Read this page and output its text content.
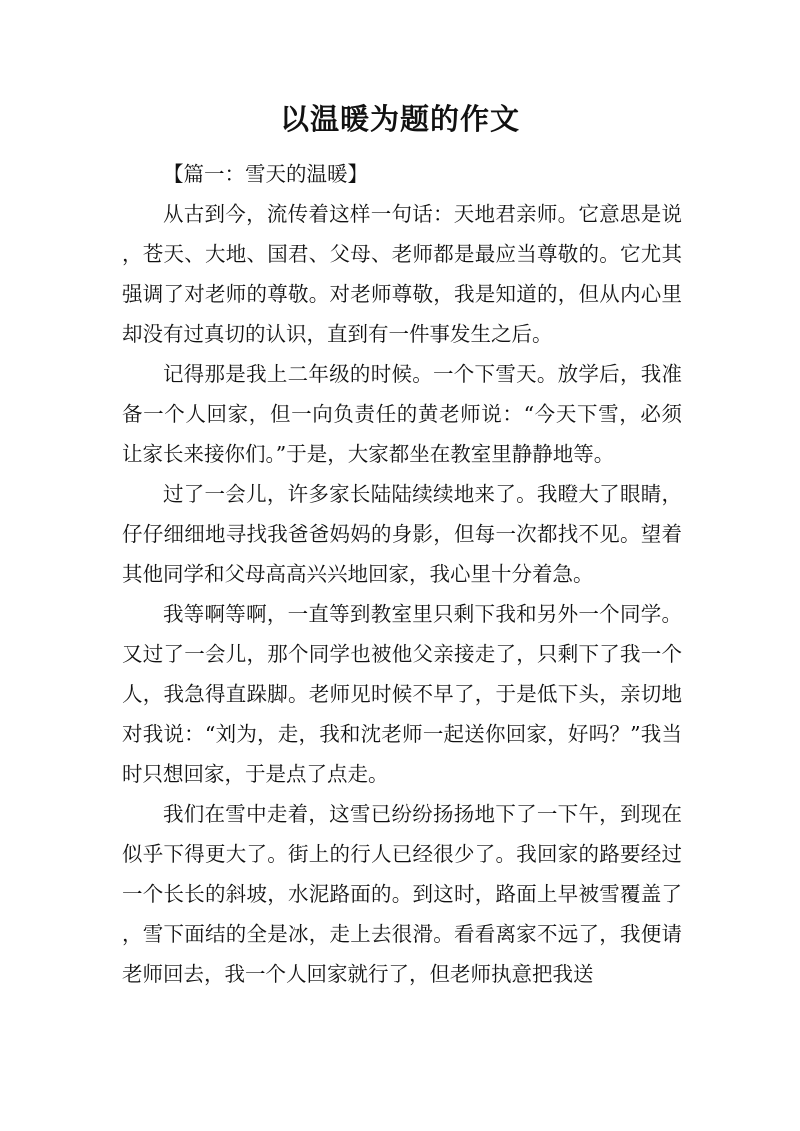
以温暖为题的作文

【篇一：雪天的温暖】

从古到今，流传着这样一句话：天地君亲师。它意思是说，苍天、大地、国君、父母、老师都是最应当尊敬的。它尤其强调了对老师的尊敬。对老师尊敬，我是知道的，但从内心里却没有过真切的认识，直到有一件事发生之后。

记得那是我上二年级的时候。一个下雪天。放学后，我准备一个人回家，但一向负责任的黄老师说：“今天下雪，必须让家长来接你们。”于是，大家都坐在教室里静静地等。

过了一会儿，许多家长陆陆续续地来了。我瞪大了眼睛，仔仔细细地寻找我爸爸妈妈的身影，但每一次都找不见。望着其他同学和父母高高兴兴地回家，我心里十分着急。

我等啊等啊，一直等到教室里只剩下我和另外一个同学。又过了一会儿，那个同学也被他父亲接走了，只剩下了我一个人，我急得直跺脚。老师见时候不早了，于是低下头，亲切地对我说：“刘为，走，我和沈老师一起送你回家，好吗？”我当时只想回家，于是点了点走。

我们在雪中走着，这雪已纷纷扬扬地下了一下午，到现在似乎下得更大了。街上的行人已经很少了。我回家的路要经过一个长长的斜坡，水泥路面的。到这时，路面上早被雪覆盖了，雪下面结的全是冰，走上去很滑。看看离家不远了，我便请老师回去，我一个人回家就行了，但老师执意把我送
